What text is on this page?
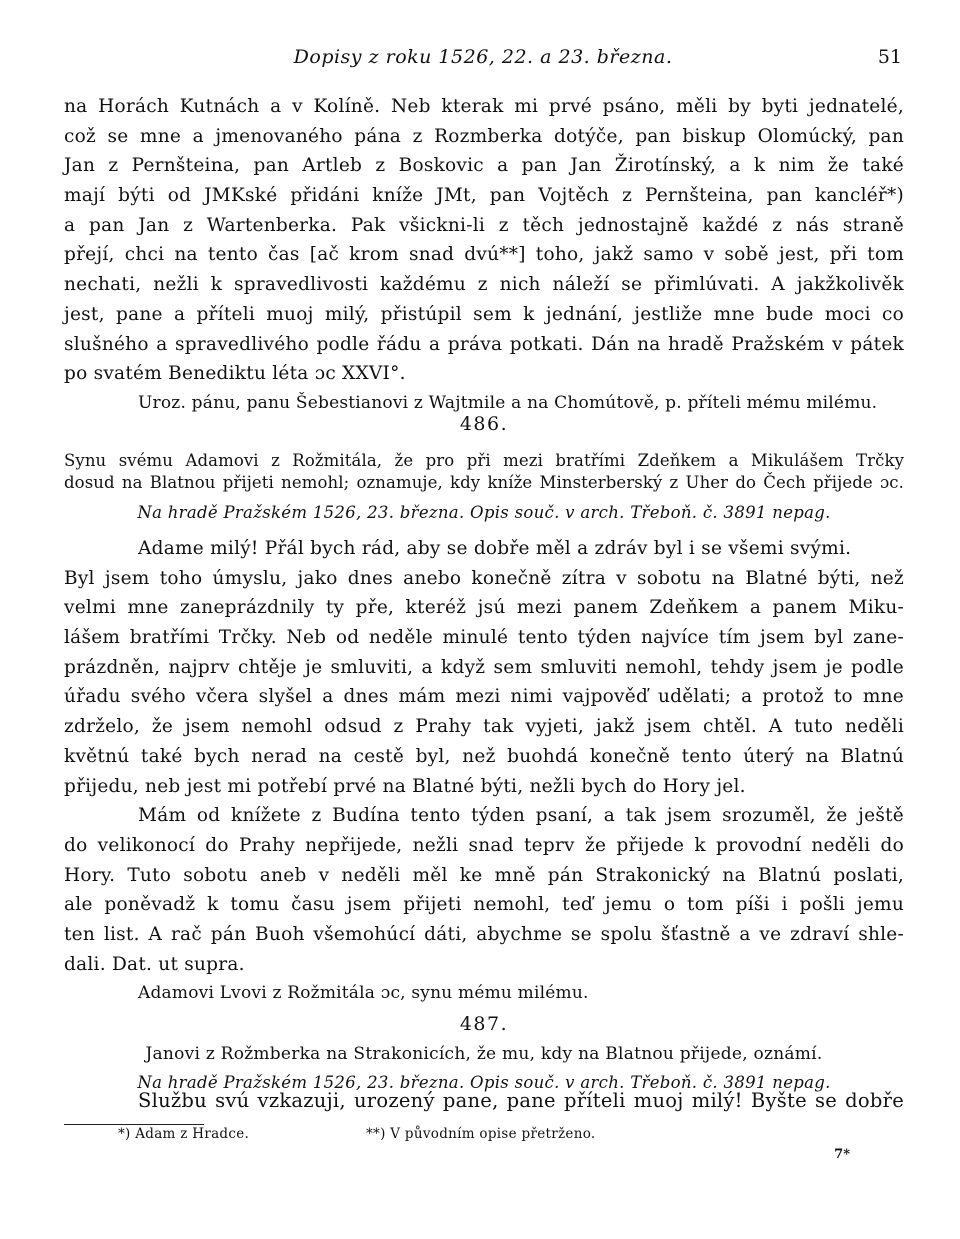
Dopisy z roku 1526, 22. a 23. března.	51
na Horách Kutnách a v Kolíně. Neb kterak mi prvé psáno, měli by byti jednatelé,
což se mne a jmenovaného pána z Rozmberka dotýče, pan biskup Olomúcký, pan
Jan z Pernšteina, pan Artleb z Boskovic a pan Jan Žirotínský, a k nim že také
mají býti od JMKské přidáni kníže JMt, pan Vojtěch z Pernšteina, pan kancléř*)
a pan Jan z Wartenberka. Pak všickni-li z těch jednostajně každé z nás straně
přejí, chci na tento čas [ač krom snad dvú**] toho, jakž samo v sobě jest, při tom
nechati, nežli k spravedlivosti každému z nich náleží se přimlúvati. A jakžkolivěk
jest, pane a příteli muoj milý, přistúpil sem k jednání, jestliže mne bude moci co
slušného a spravedlivého podle řádu a práva potkati. Dán na hradě Pražském v pátek
po svatém Benediktu léta ɔc XXVI°.
Uroz. pánu, panu Šebestianovi z Wajtmile a na Chomútově, p. příteli mému milému.
486.
Synu svému Adamovi z Rožmitála, že pro při mezi bratřími Zdeňkem a Mikulášem Trčky
dosud na Blatnou přijeti nemohl; oznamuje, kdy kníže Minsterberský z Uher do Čech přijede ɔc.
Na hradě Pražském 1526, 23. března. Opis souč. v arch. Třeboň. č. 3891 nepag.
Adame milý! Přál bych rád, aby se dobře měl a zdráv byl i se všemi svými.
Byl jsem toho úmyslu, jako dnes anebo konečně zítra v sobotu na Blatné býti, než
velmi mne zaneprázdnily ty pře, kteréž jsú mezi panem Zdeňkem a panem Miku-
lášem bratřími Trčky. Neb od neděle minulé tento týden najvíce tím jsem byl zane-
prázdněn, najprv chtěje je smluviti, a když sem smluviti nemohl, tehdy jsem je podle
úřadu svého včera slyšel a dnes mám mezi nimi vajpověď udělati; a protož to mne
zdrželo, že jsem nemohl odsud z Prahy tak vyjeti, jakž jsem chtěl. A tuto neděli
květnú také bych nerad na cestě byl, než buohdá konečně tento úterý na Blatnú
přijedu, neb jest mi potřebí prvé na Blatné býti, nežli bych do Hory jel.
Mám od knížete z Budína tento týden psaní, a tak jsem srozuměl, že ještě
do velikonocí do Prahy nepřijede, nežli snad teprv že přijede k provodní neděli do
Hory. Tuto sobotu aneb v neděli měl ke mně pán Strakonický na Blatnú poslati,
ale poněvadž k tomu času jsem přijeti nemohl, teď jemu o tom píši i pošli jemu
ten list. A rač pán Buoh všemohúcí dáti, abychme se spolu šťastně a ve zdraví shle-
dali. Dat. ut supra.
Adamovi Lvovi z Rožmitála ɔc, synu mému milému.
487.
Janovi z Rožmberka na Strakonicích, že mu, kdy na Blatnou přijede, oznámí.
Na hradě Pražském 1526, 23. března. Opis souč. v arch. Třeboň. č. 3891 nepag.
Službu svú vzkazuji, urozený pane, pane příteli muoj milý! Byšte se dobře
*) Adam z Hradce.	**) V původním opise přetrženo.
7*
